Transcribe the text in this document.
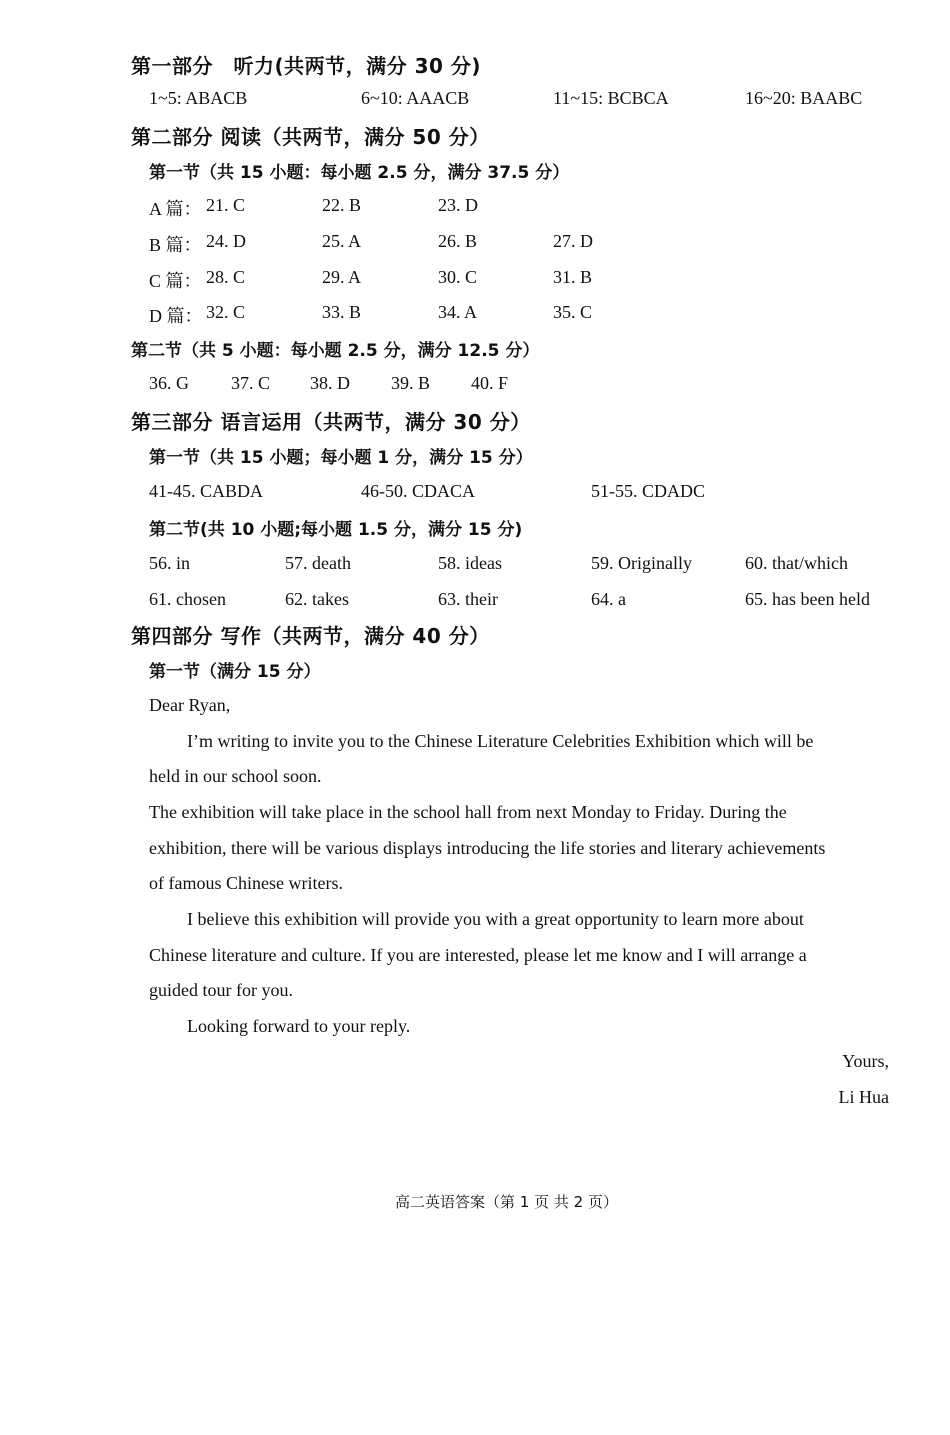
第一部分　听力(共两节，满分 30 分)
1~5: ABACB	6~10: AAACB	11~15: BCBCA	16~20: BAABC
第二部分 阅读（共两节，满分 50 分）
第一节（共 15 小题：每小题 2.5 分，满分 37.5 分）
A 篇： 21. C	22. B	23. D
B 篇： 24. D	25. A	26. B	27. D
C 篇： 28. C	29. A	30. C	31. B
D 篇： 32. C	33. B	34. A	35. C
第二节（共 5 小题：每小题 2.5 分，满分 12.5 分）
36. G 37. C 38. D 39. B 40. F
第三部分 语言运用（共两节，满分 30 分）
第一节（共 15 小题；每小题 1 分，满分 15 分）
41-45. CABDA	46-50. CDACA	51-55. CDADC
第二节(共 10 小题;每小题 1.5 分，满分 15 分)
56. in	57. death	58. ideas	59. Originally	60. that/which
61. chosen	62. takes	63. their	64. a	65. has been held
第四部分 写作（共两节，满分 40 分）
第一节（满分 15 分）
Dear Ryan,
I’m writing to invite you to the Chinese Literature Celebrities Exhibition which will be
held in our school soon.
The exhibition will take place in the school hall from next Monday to Friday. During the
exhibition, there will be various displays introducing the life stories and literary achievements
of famous Chinese writers.
I believe this exhibition will provide you with a great opportunity to learn more about
Chinese literature and culture. If you are interested, please let me know and I will arrange a
guided tour for you.
Looking forward to your reply.
Yours,
Li Hua
高二英语答案（第 1 页 共 2 页）
